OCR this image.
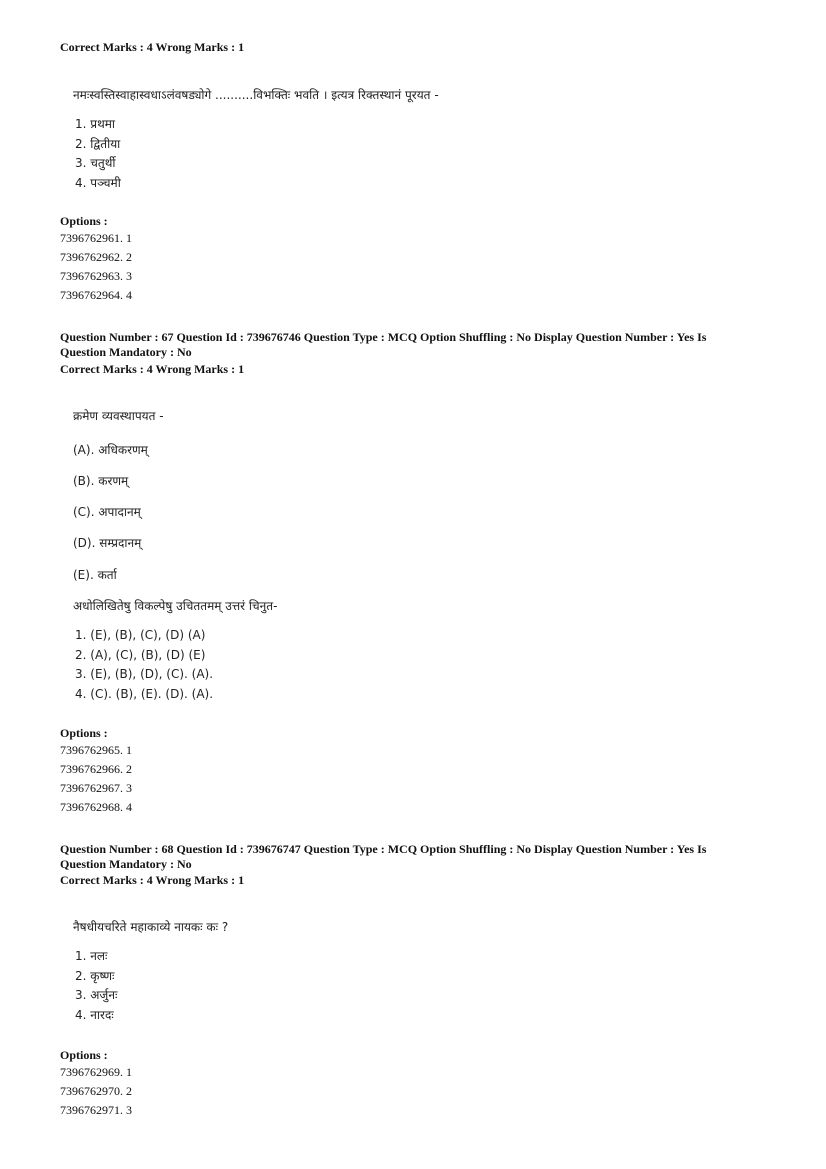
Correct Marks : 4 Wrong Marks : 1
नमःस्वस्तिस्वाहास्वधाऽलंवषड्योगे ..........विभक्तिः भवति । इत्यत्र रिक्तस्थानं पूरयत -
1. प्रथमा
2. द्वितीया
3. चतुर्थी
4. पञ्चमी
Options :
7396762961. 1
7396762962. 2
7396762963. 3
7396762964. 4
Question Number : 67 Question Id : 739676746 Question Type : MCQ Option Shuffling : No Display Question Number : Yes Is
Question Mandatory : No
Correct Marks : 4 Wrong Marks : 1
क्रमेण व्यवस्थापयत -
(A). अधिकरणम्
(B). करणम्
(C). अपादानम्
(D). सम्प्रदानम्
(E). कर्ता
अधोलिखितेषु विकल्पेषु उचिततमम् उत्तरं चिनुत-
1. (E), (B), (C), (D) (A)
2. (A), (C), (B), (D) (E)
3. (E), (B), (D), (C). (A).
4. (C). (B), (E). (D). (A).
Options :
7396762965. 1
7396762966. 2
7396762967. 3
7396762968. 4
Question Number : 68 Question Id : 739676747 Question Type : MCQ Option Shuffling : No Display Question Number : Yes Is
Question Mandatory : No
Correct Marks : 4 Wrong Marks : 1
नैषधीयचरिते महाकाव्ये नायकः कः ?
1. नलः
2. कृष्णः
3. अर्जुनः
4. नारदः
Options :
7396762969. 1
7396762970. 2
7396762971. 3
